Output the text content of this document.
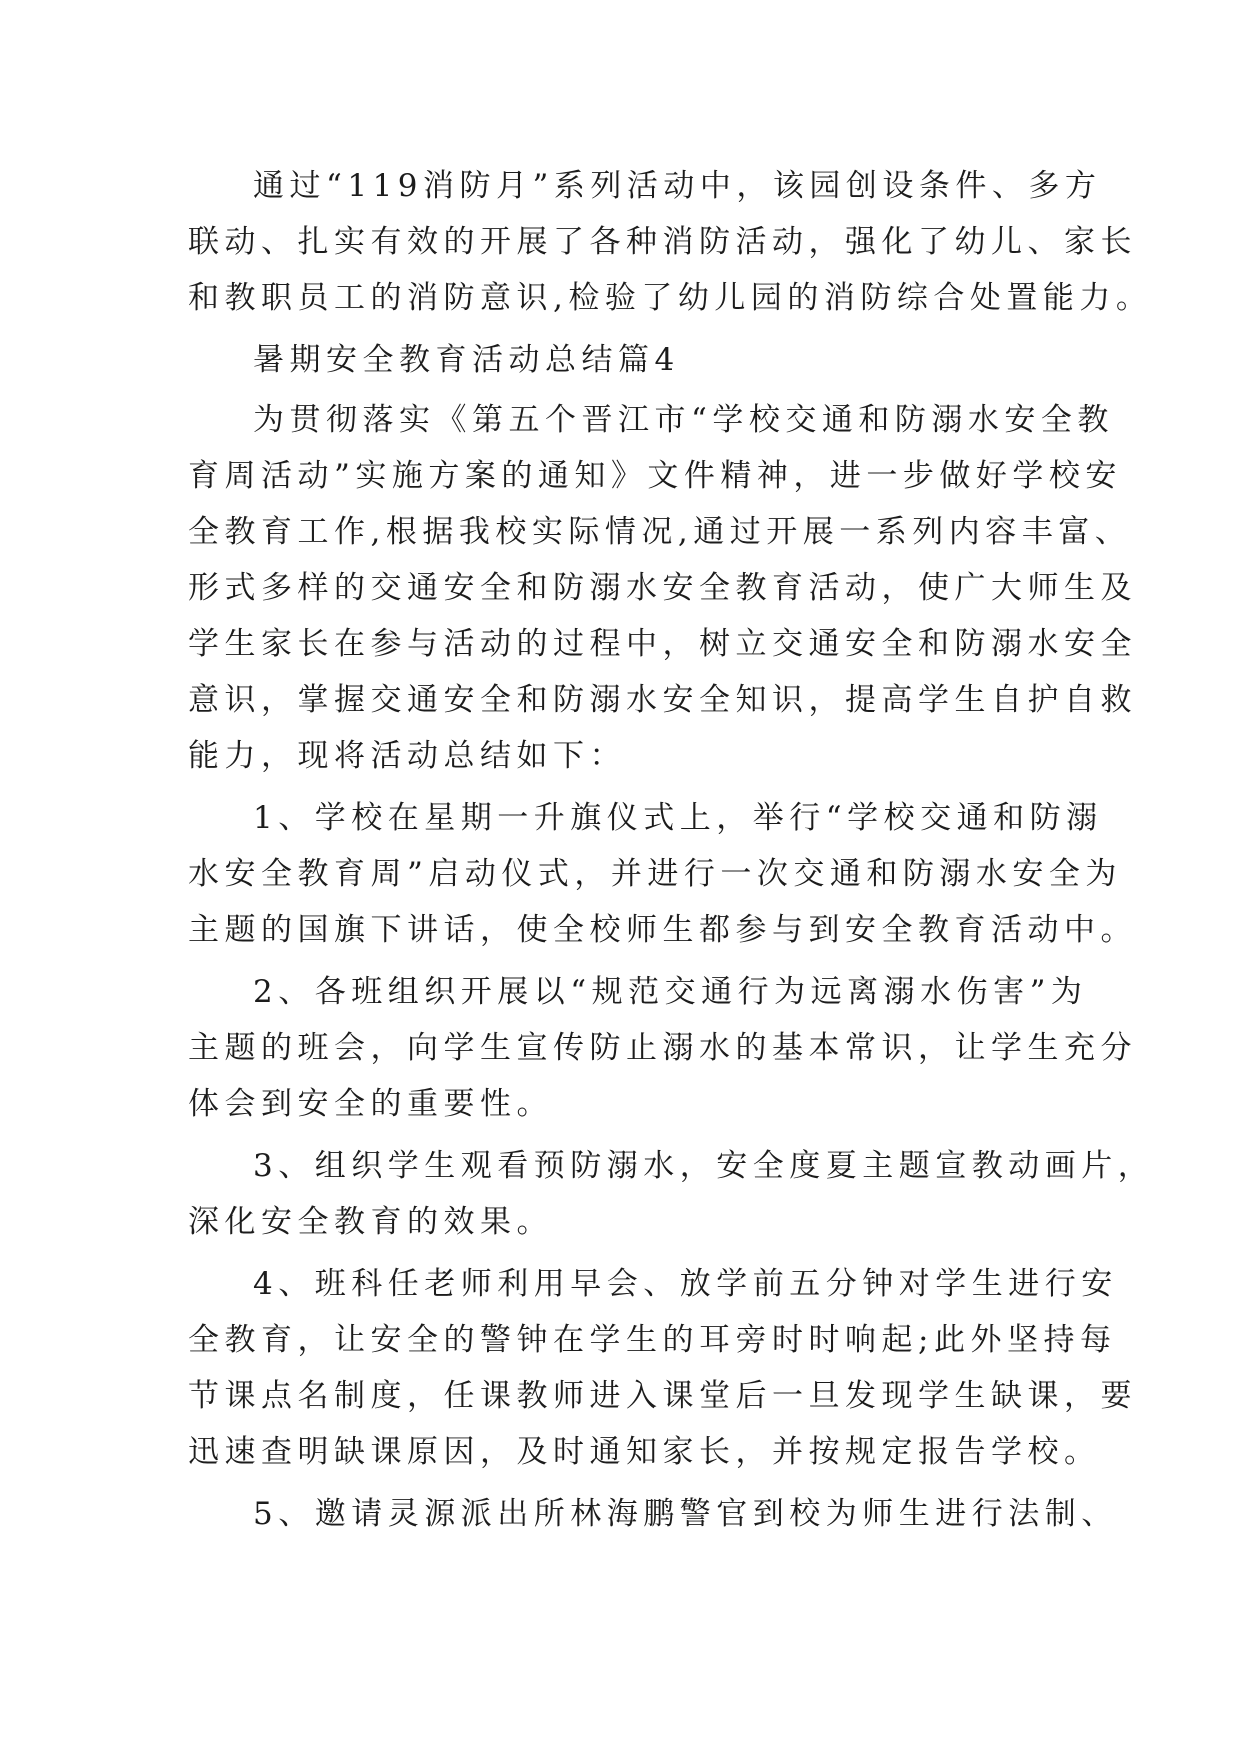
通过“119消防月”系列活动中，该园创设条件、多方
联动、扎实有效的开展了各种消防活动，强化了幼儿、家长
和教职员工的消防意识,检验了幼儿园的消防综合处置能力。
暑期安全教育活动总结篇4
为贯彻落实《第五个晋江市“学校交通和防溺水安全教
育周活动”实施方案的通知》文件精神，进一步做好学校安
全教育工作,根据我校实际情况,通过开展一系列内容丰富、
形式多样的交通安全和防溺水安全教育活动，使广大师生及
学生家长在参与活动的过程中，树立交通安全和防溺水安全
意识，掌握交通安全和防溺水安全知识，提高学生自护自救
能力，现将活动总结如下：
1、学校在星期一升旗仪式上，举行“学校交通和防溺
水安全教育周”启动仪式，并进行一次交通和防溺水安全为
主题的国旗下讲话，使全校师生都参与到安全教育活动中。
2、各班组织开展以“规范交通行为远离溺水伤害”为
主题的班会，向学生宣传防止溺水的基本常识，让学生充分
体会到安全的重要性。
3、组织学生观看预防溺水，安全度夏主题宣教动画片，
深化安全教育的效果。
4、班科任老师利用早会、放学前五分钟对学生进行安
全教育，让安全的警钟在学生的耳旁时时响起;此外坚持每
节课点名制度，任课教师进入课堂后一旦发现学生缺课，要
迅速查明缺课原因，及时通知家长，并按规定报告学校。
5、邀请灵源派出所林海鹏警官到校为师生进行法制、
